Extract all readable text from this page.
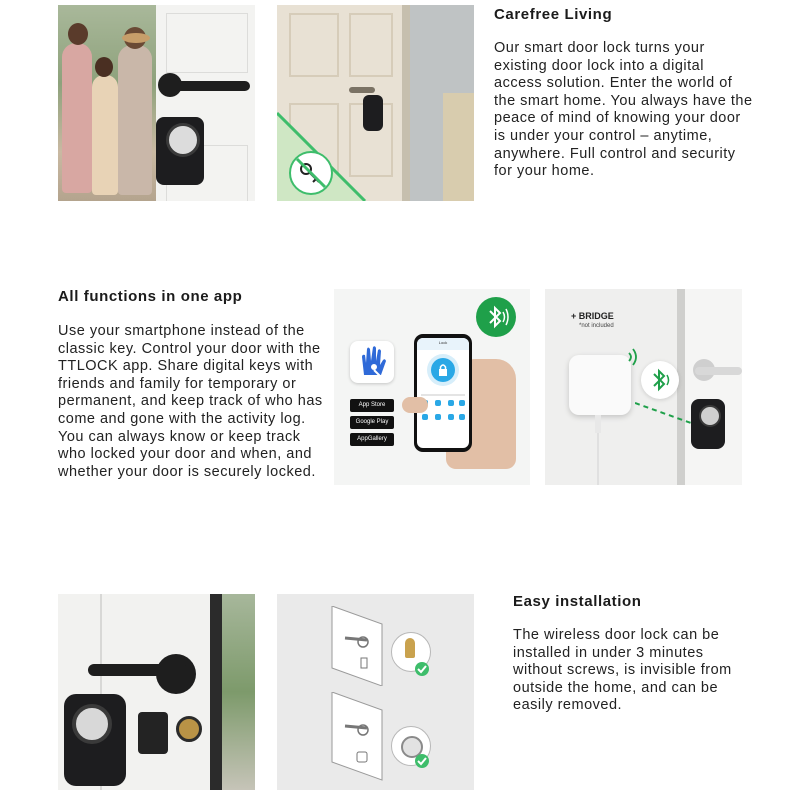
Carefree Living
Our smart door lock turns your existing door lock into a digital access solution. Enter the world of the smart home. You always have the peace of mind of knowing your door is under your control – anytime, anywhere. Full control and security for your home.
All functions in one app
Use your smartphone instead of the classic key. Control your door with the TTLOCK app. Share digital keys with friends and family for temporary or permanent, and keep track of who has come and gone with the activity log. You can always know or keep track who locked your door and when, and whether your door is securely locked.
App Store
Google Play
AppGallery
Lock
+ BRIDGE
*not included
Easy installation
The wireless door lock can be installed in under 3 minutes without screws, is invisible from outside the home, and can be easily removed.
